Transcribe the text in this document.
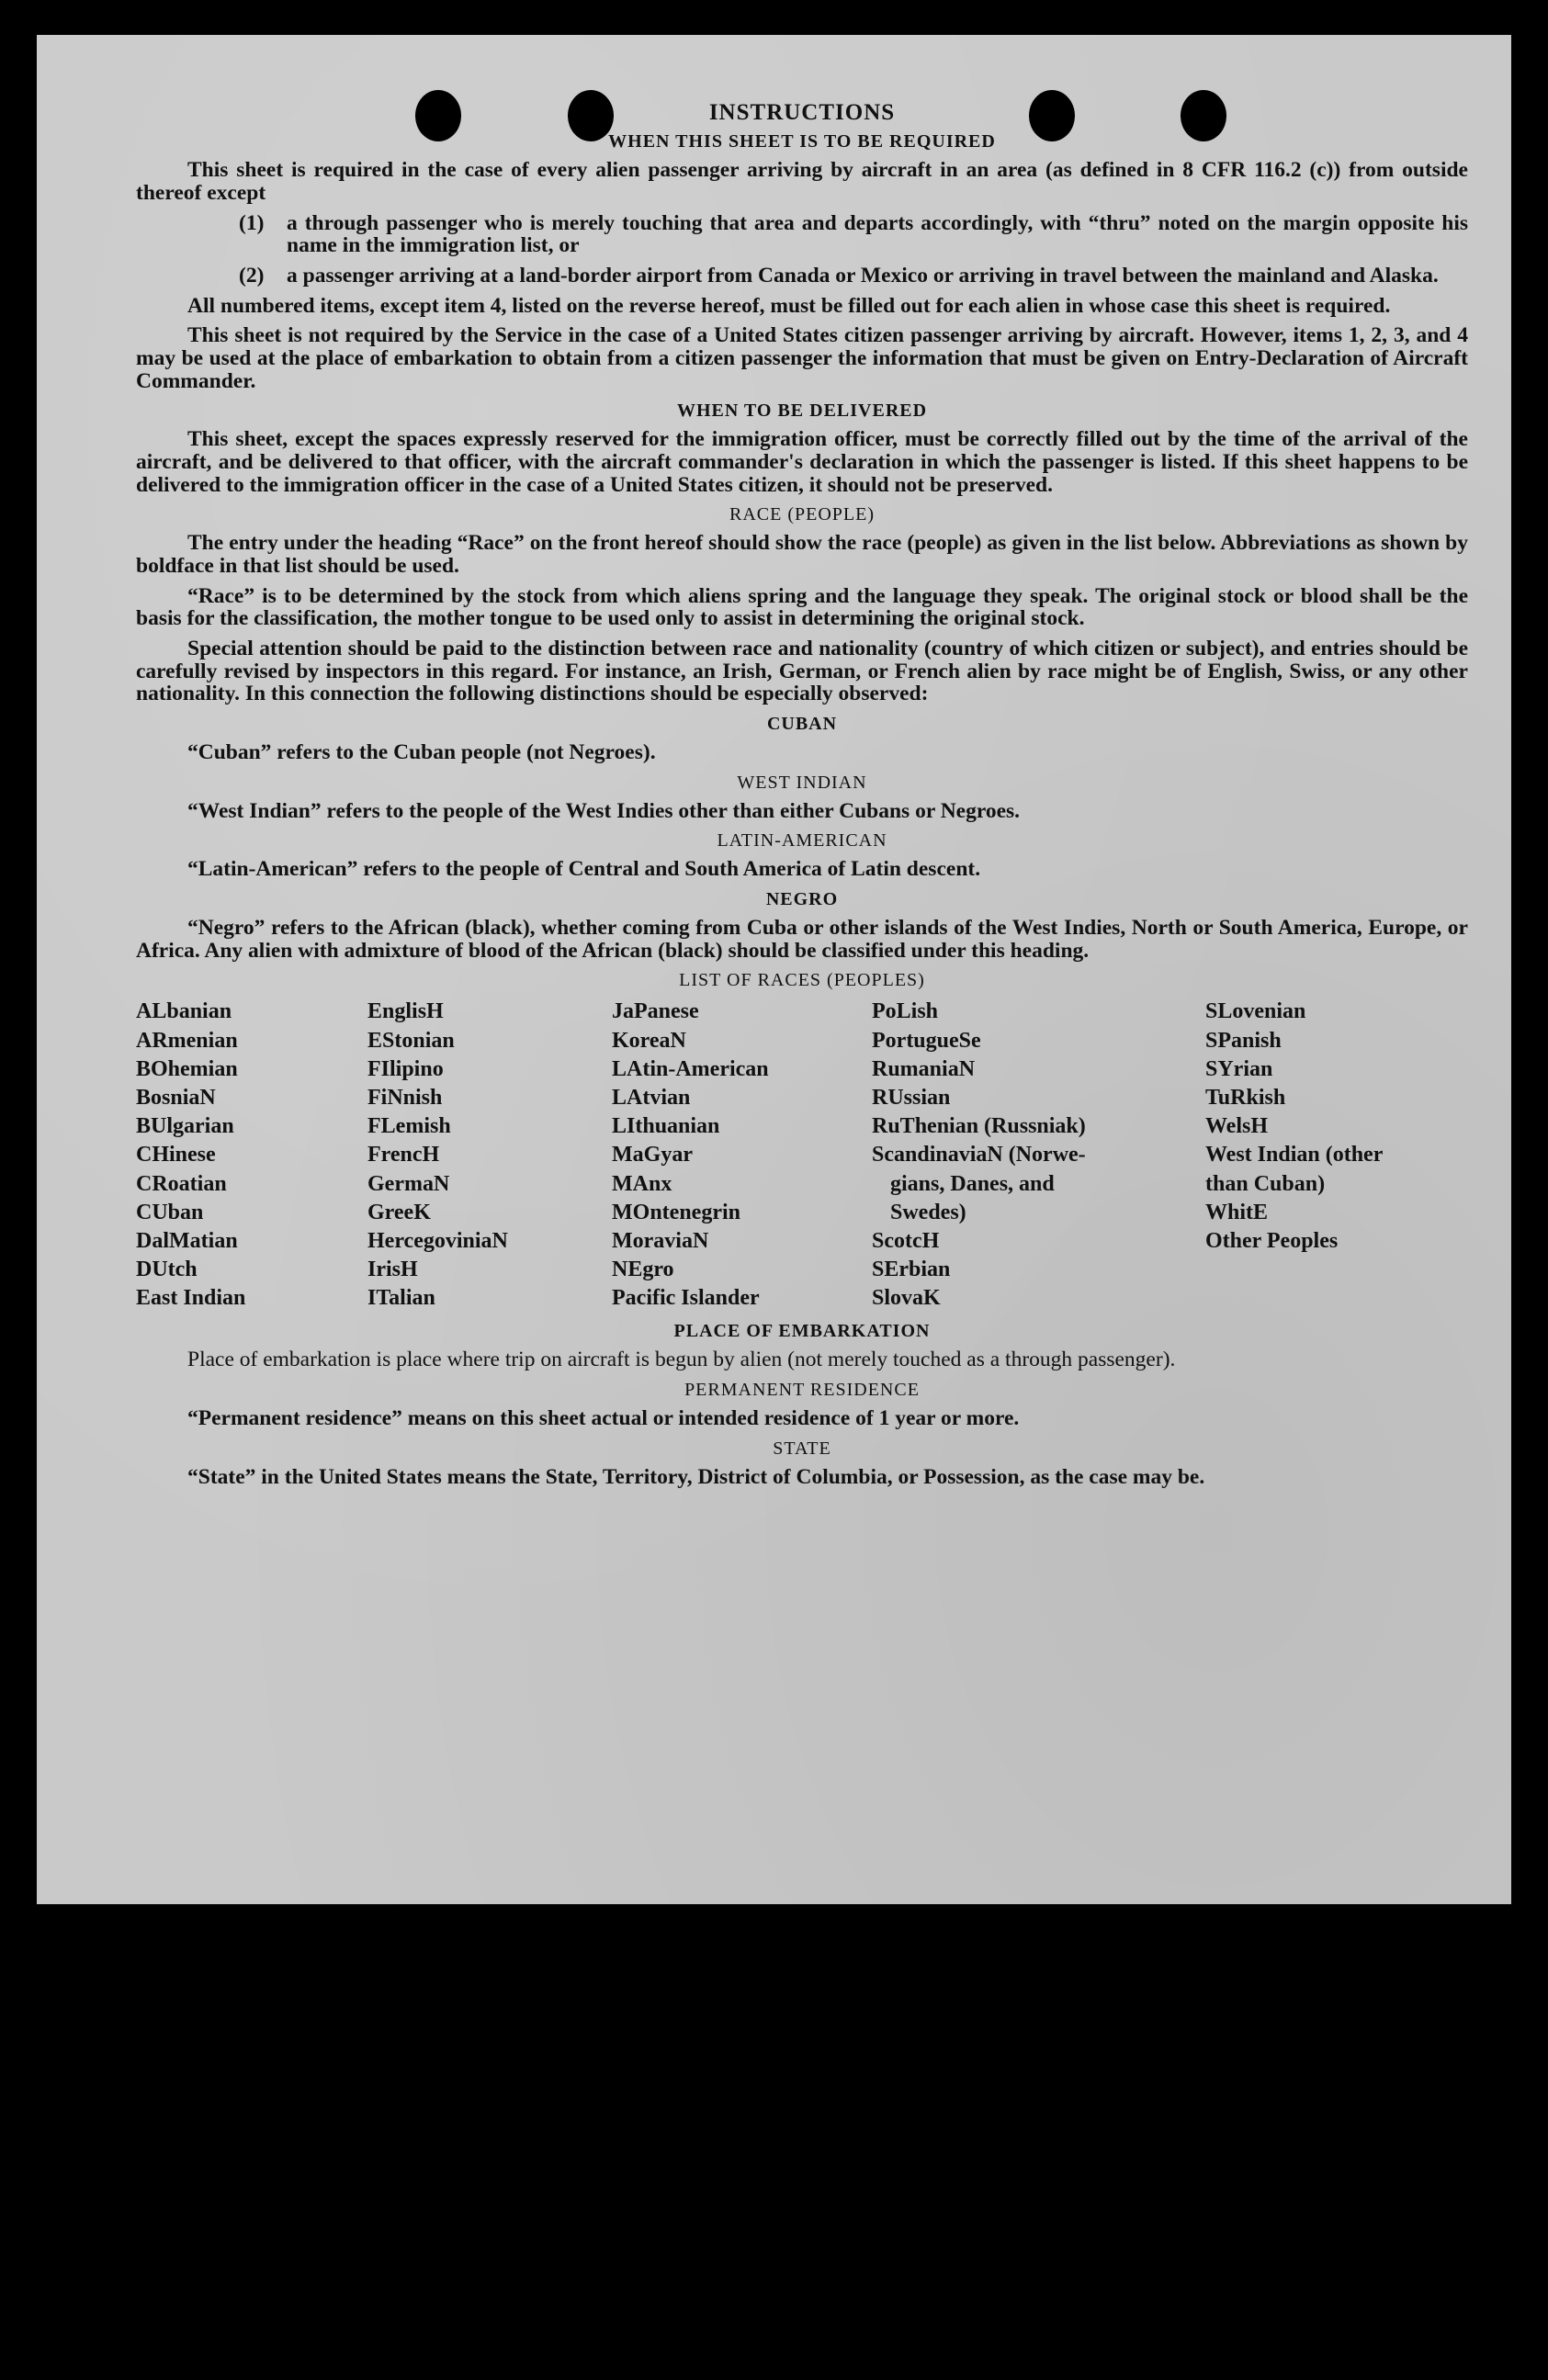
INSTRUCTIONS
WHEN THIS SHEET IS TO BE REQUIRED

This sheet is required in the case of every alien passenger arriving by aircraft in an area (as defined in 8 CFR 116.2 (c)) from outside thereof except

(1)	a through passenger who is merely touching that area and departs accordingly, with “thru” noted on the margin opposite his name in the immigration list, or
(2)	a passenger arriving at a land-border airport from Canada or Mexico or arriving in travel between the mainland and Alaska.

All numbered items, except item 4, listed on the reverse hereof, must be filled out for each alien in whose case this sheet is required.

This sheet is not required by the Service in the case of a United States citizen passenger arriving by aircraft. However, items 1, 2, 3, and 4 may be used at the place of embarkation to obtain from a citizen passenger the information that must be given on Entry-Declaration of Aircraft Commander.

WHEN TO BE DELIVERED

This sheet, except the spaces expressly reserved for the immigration officer, must be correctly filled out by the time of the arrival of the aircraft, and be delivered to that officer, with the aircraft commander's declaration in which the passenger is listed. If this sheet happens to be delivered to the immigration officer in the case of a United States citizen, it should not be preserved.

RACE (PEOPLE)

The entry under the heading “Race” on the front hereof should show the race (people) as given in the list below. Abbreviations as shown by boldface in that list should be used.

“Race” is to be determined by the stock from which aliens spring and the language they speak. The original stock or blood shall be the basis for the classification, the mother tongue to be used only to assist in determining the original stock.

Special attention should be paid to the distinction between race and nationality (country of which citizen or subject), and entries should be carefully revised by inspectors in this regard. For instance, an Irish, German, or French alien by race might be of English, Swiss, or any other nationality. In this connection the following distinctions should be especially observed:

CUBAN

“Cuban” refers to the Cuban people (not Negroes).

WEST INDIAN

“West Indian” refers to the people of the West Indies other than either Cubans or Negroes.

LATIN-AMERICAN

“Latin-American” refers to the people of Central and South America of Latin descent.

NEGRO

“Negro” refers to the African (black), whether coming from Cuba or other islands of the West Indies, North or South America, Europe, or Africa. Any alien with admixture of blood of the African (black) should be classified under this heading.

LIST OF RACES (PEOPLES)
ALbanian
ARmenian
BOhemian
BosniaN
BUlgarian
CHinese
CRoatian
CUban
DalMatian
DUtch
East Indian
EnglisH
EStonian
FIlipino
FiNnish
FLemish
FrencH
GermaN
GreeK
HercegoviniaN
IrisH
ITalian
JaPanese
KoreaN
LAtin-American
LAtvian
LIthuanian
MaGyar
MAnx
MOntenegrin
MoraviaN
NEgro
Pacific Islander
PoLish
PortugueSe
RumaniaN
RUssian
RuThenian (Russniak)
ScandinaviaN (Norwe-
gians, Danes, and
Swedes)
ScotcH
SErbian
SlovaK
SLovenian
SPanish
SYrian
TuRkish
WelsH
West Indian (other
than Cuban)
WhitE
Other Peoples
PLACE OF EMBARKATION

Place of embarkation is place where trip on aircraft is begun by alien (not merely touched as a through passenger).

PERMANENT RESIDENCE

“Permanent residence” means on this sheet actual or intended residence of 1 year or more.

STATE

“State” in the United States means the State, Territory, District of Columbia, or Possession, as the case may be.
